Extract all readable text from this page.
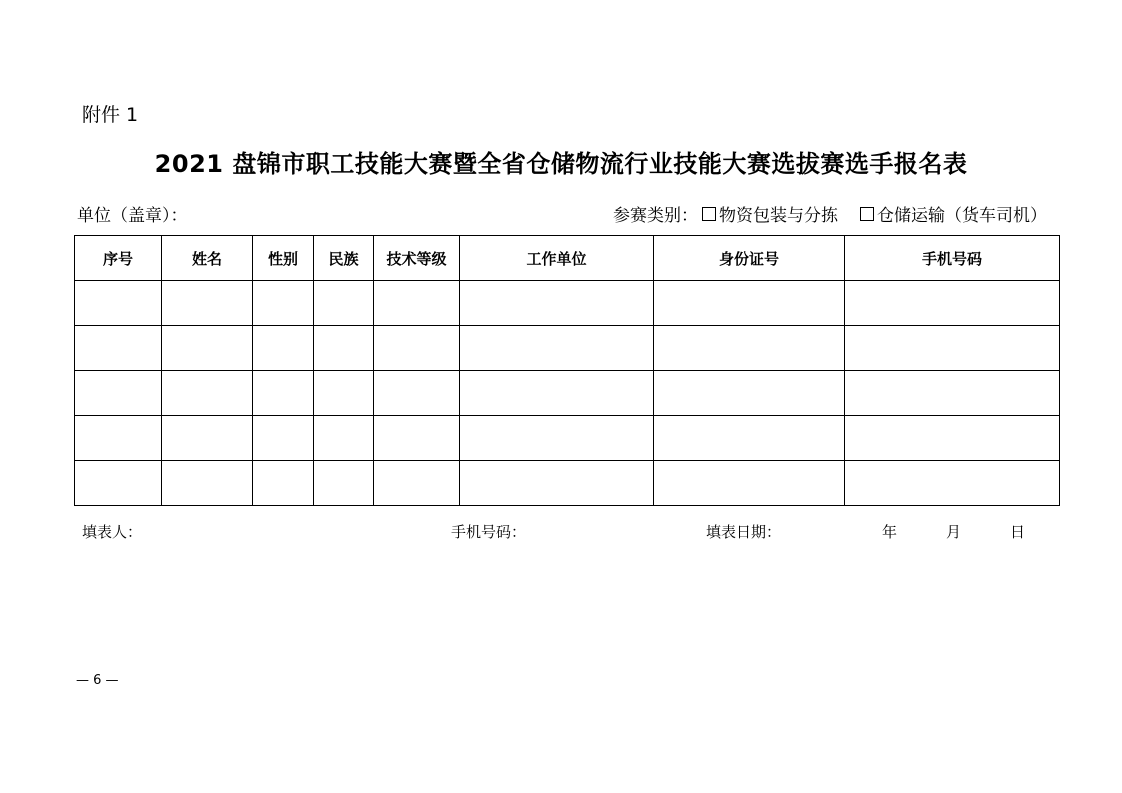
附件 1
2021 盘锦市职工技能大赛暨全省仓储物流行业技能大赛选拔赛选手报名表
单位（盖章）：	参赛类别： 物资包装与分拣 仓储运输（货车司机）
序号	姓名	性别	民族	技术等级	工作单位	身份证号	手机号码

填表人：	手机号码：	填表日期：	年	月	日
— 6 —
